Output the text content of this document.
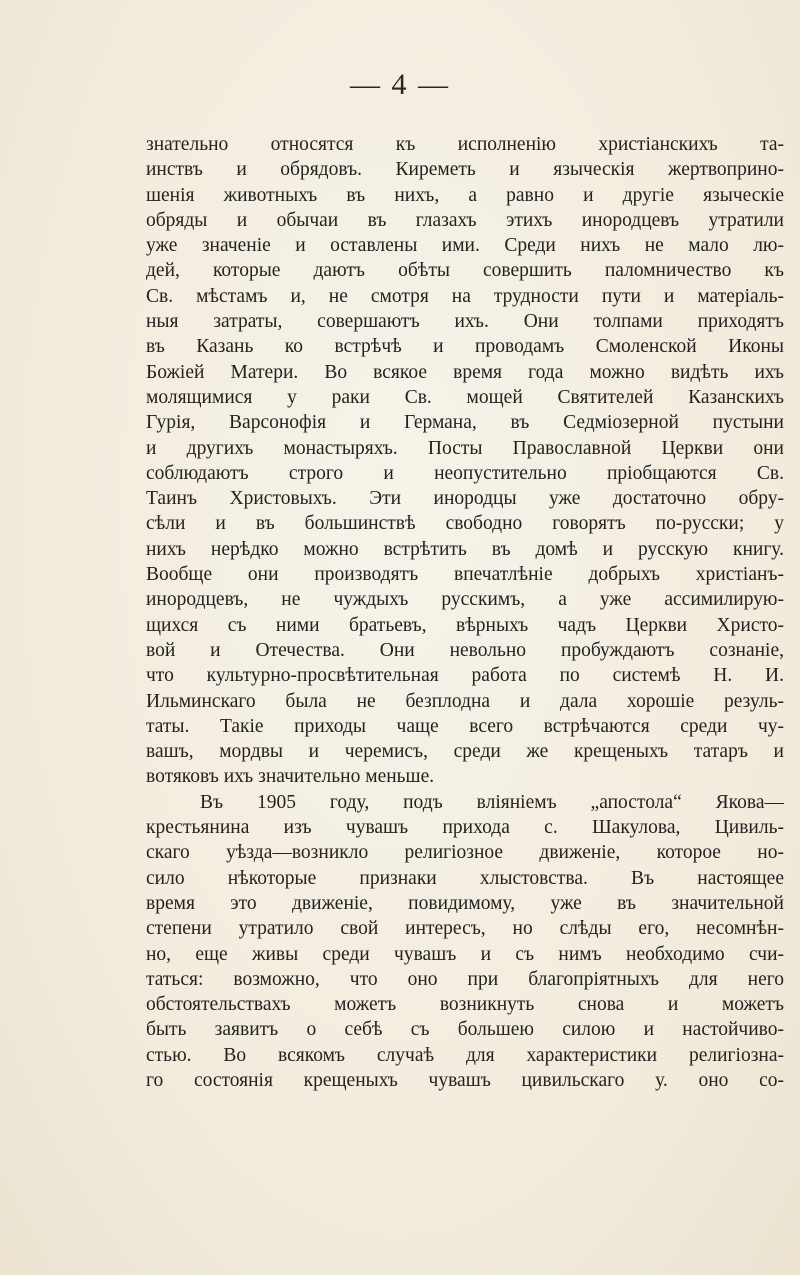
— 4 —
знательно относятся къ исполненiю христiанскихъ та-
инствъ и обрядовъ. Киреметь и языческiя жертвоприно-
шенiя животныхъ въ нихъ, а равно и другiе языческiе
обряды и обычаи въ глазахъ этихъ инородцевъ утратили
уже значенiе и оставлены ими. Среди нихъ не мало лю-
дей, которые даютъ обѣты совершить паломничество къ
Св. мѣстамъ и, не смотря на трудности пути и матерiаль-
ныя затраты, совершаютъ ихъ. Они толпами приходятъ
въ Казань ко встрѣчѣ и проводамъ Смоленской Иконы
Божiей Матери. Во всякое время года можно видѣть ихъ
молящимися у раки Св. мощей Святителей Казанскихъ
Гурiя, Варсонофiя и Германа, въ Седмiозерной пустыни
и другихъ монастыряхъ. Посты Православной Церкви они
соблюдаютъ строго и неопустительно прiобщаются Св.
Таинъ Христовыхъ. Эти инородцы уже достаточно обру-
сѣли и въ большинствѣ свободно говорятъ по-русски; у
нихъ нерѣдко можно встрѣтить въ домѣ и русскую книгу.
Вообще они производятъ впечатлѣнiе добрыхъ христiанъ-
инородцевъ, не чуждыхъ русскимъ, а уже ассимилирую-
щихся съ ними братьевъ, вѣрныхъ чадъ Церкви Христо-
вой и Отечества. Они невольно пробуждаютъ сознанiе,
что культурно-просвѣтительная работа по системѣ Н. И.
Ильминскаго была не безплодна и дала хорошiе резуль-
таты. Такiе приходы чаще всего встрѣчаются среди чу-
вашъ, мордвы и черемисъ, среди же крещеныхъ татаръ и
вотяковъ ихъ значительно меньше.
Въ 1905 году, подъ влiянiемъ „апостола“ Якова—
крестьянина изъ чувашъ прихода с. Шакулова, Цивиль-
скаго уѣзда—возникло религiозное движенiе, которое но-
сило нѣкоторые признаки хлыстовства. Въ настоящее
время это движенiе, повидимому, уже въ значительной
степени утратило свой интересъ, но слѣды его, несомнѣн-
но, еще живы среди чувашъ и съ нимъ необходимо счи-
таться: возможно, что оно при благопрiятныхъ для него
обстоятельствахъ можетъ возникнуть снова и можетъ
быть заявитъ о себѣ съ большею силою и настойчиво-
стью. Во всякомъ случаѣ для характеристики религiозна-
го состоянiя крещеныхъ чувашъ цивильскаго у. оно со-
